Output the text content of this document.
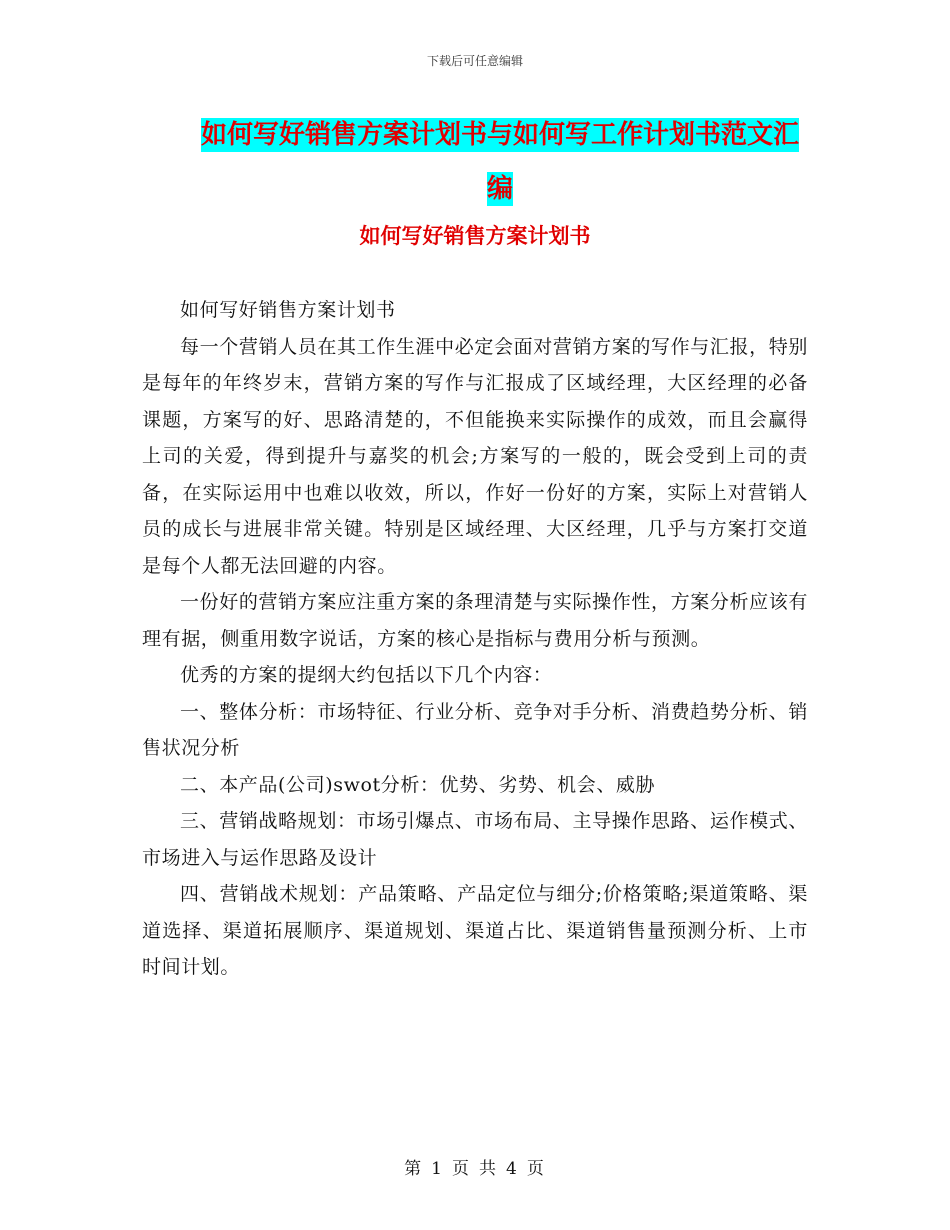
下载后可任意编辑
如何写好销售方案计划书与如何写工作计划书范文汇编
如何写好销售方案计划书

如何写好销售方案计划书

每一个营销人员在其工作生涯中必定会面对营销方案的写作与汇报，特别是每年的年终岁末，营销方案的写作与汇报成了区域经理，大区经理的必备课题，方案写的好、思路清楚的，不但能换来实际操作的成效，而且会赢得上司的关爱，得到提升与嘉奖的机会;方案写的一般的，既会受到上司的责备，在实际运用中也难以收效，所以，作好一份好的方案，实际上对营销人员的成长与进展非常关键。特别是区域经理、大区经理，几乎与方案打交道是每个人都无法回避的内容。

一份好的营销方案应注重方案的条理清楚与实际操作性，方案分析应该有理有据，侧重用数字说话，方案的核心是指标与费用分析与预测。

优秀的方案的提纲大约包括以下几个内容：

一、整体分析：市场特征、行业分析、竞争对手分析、消费趋势分析、销售状况分析

二、本产品(公司)swot分析：优势、劣势、机会、威胁

三、营销战略规划：市场引爆点、市场布局、主导操作思路、运作模式、市场进入与运作思路及设计

四、营销战术规划：产品策略、产品定位与细分;价格策略;渠道策略、渠道选择、渠道拓展顺序、渠道规划、渠道占比、渠道销售量预测分析、上市时间计划。

第 1 页 共 4 页
